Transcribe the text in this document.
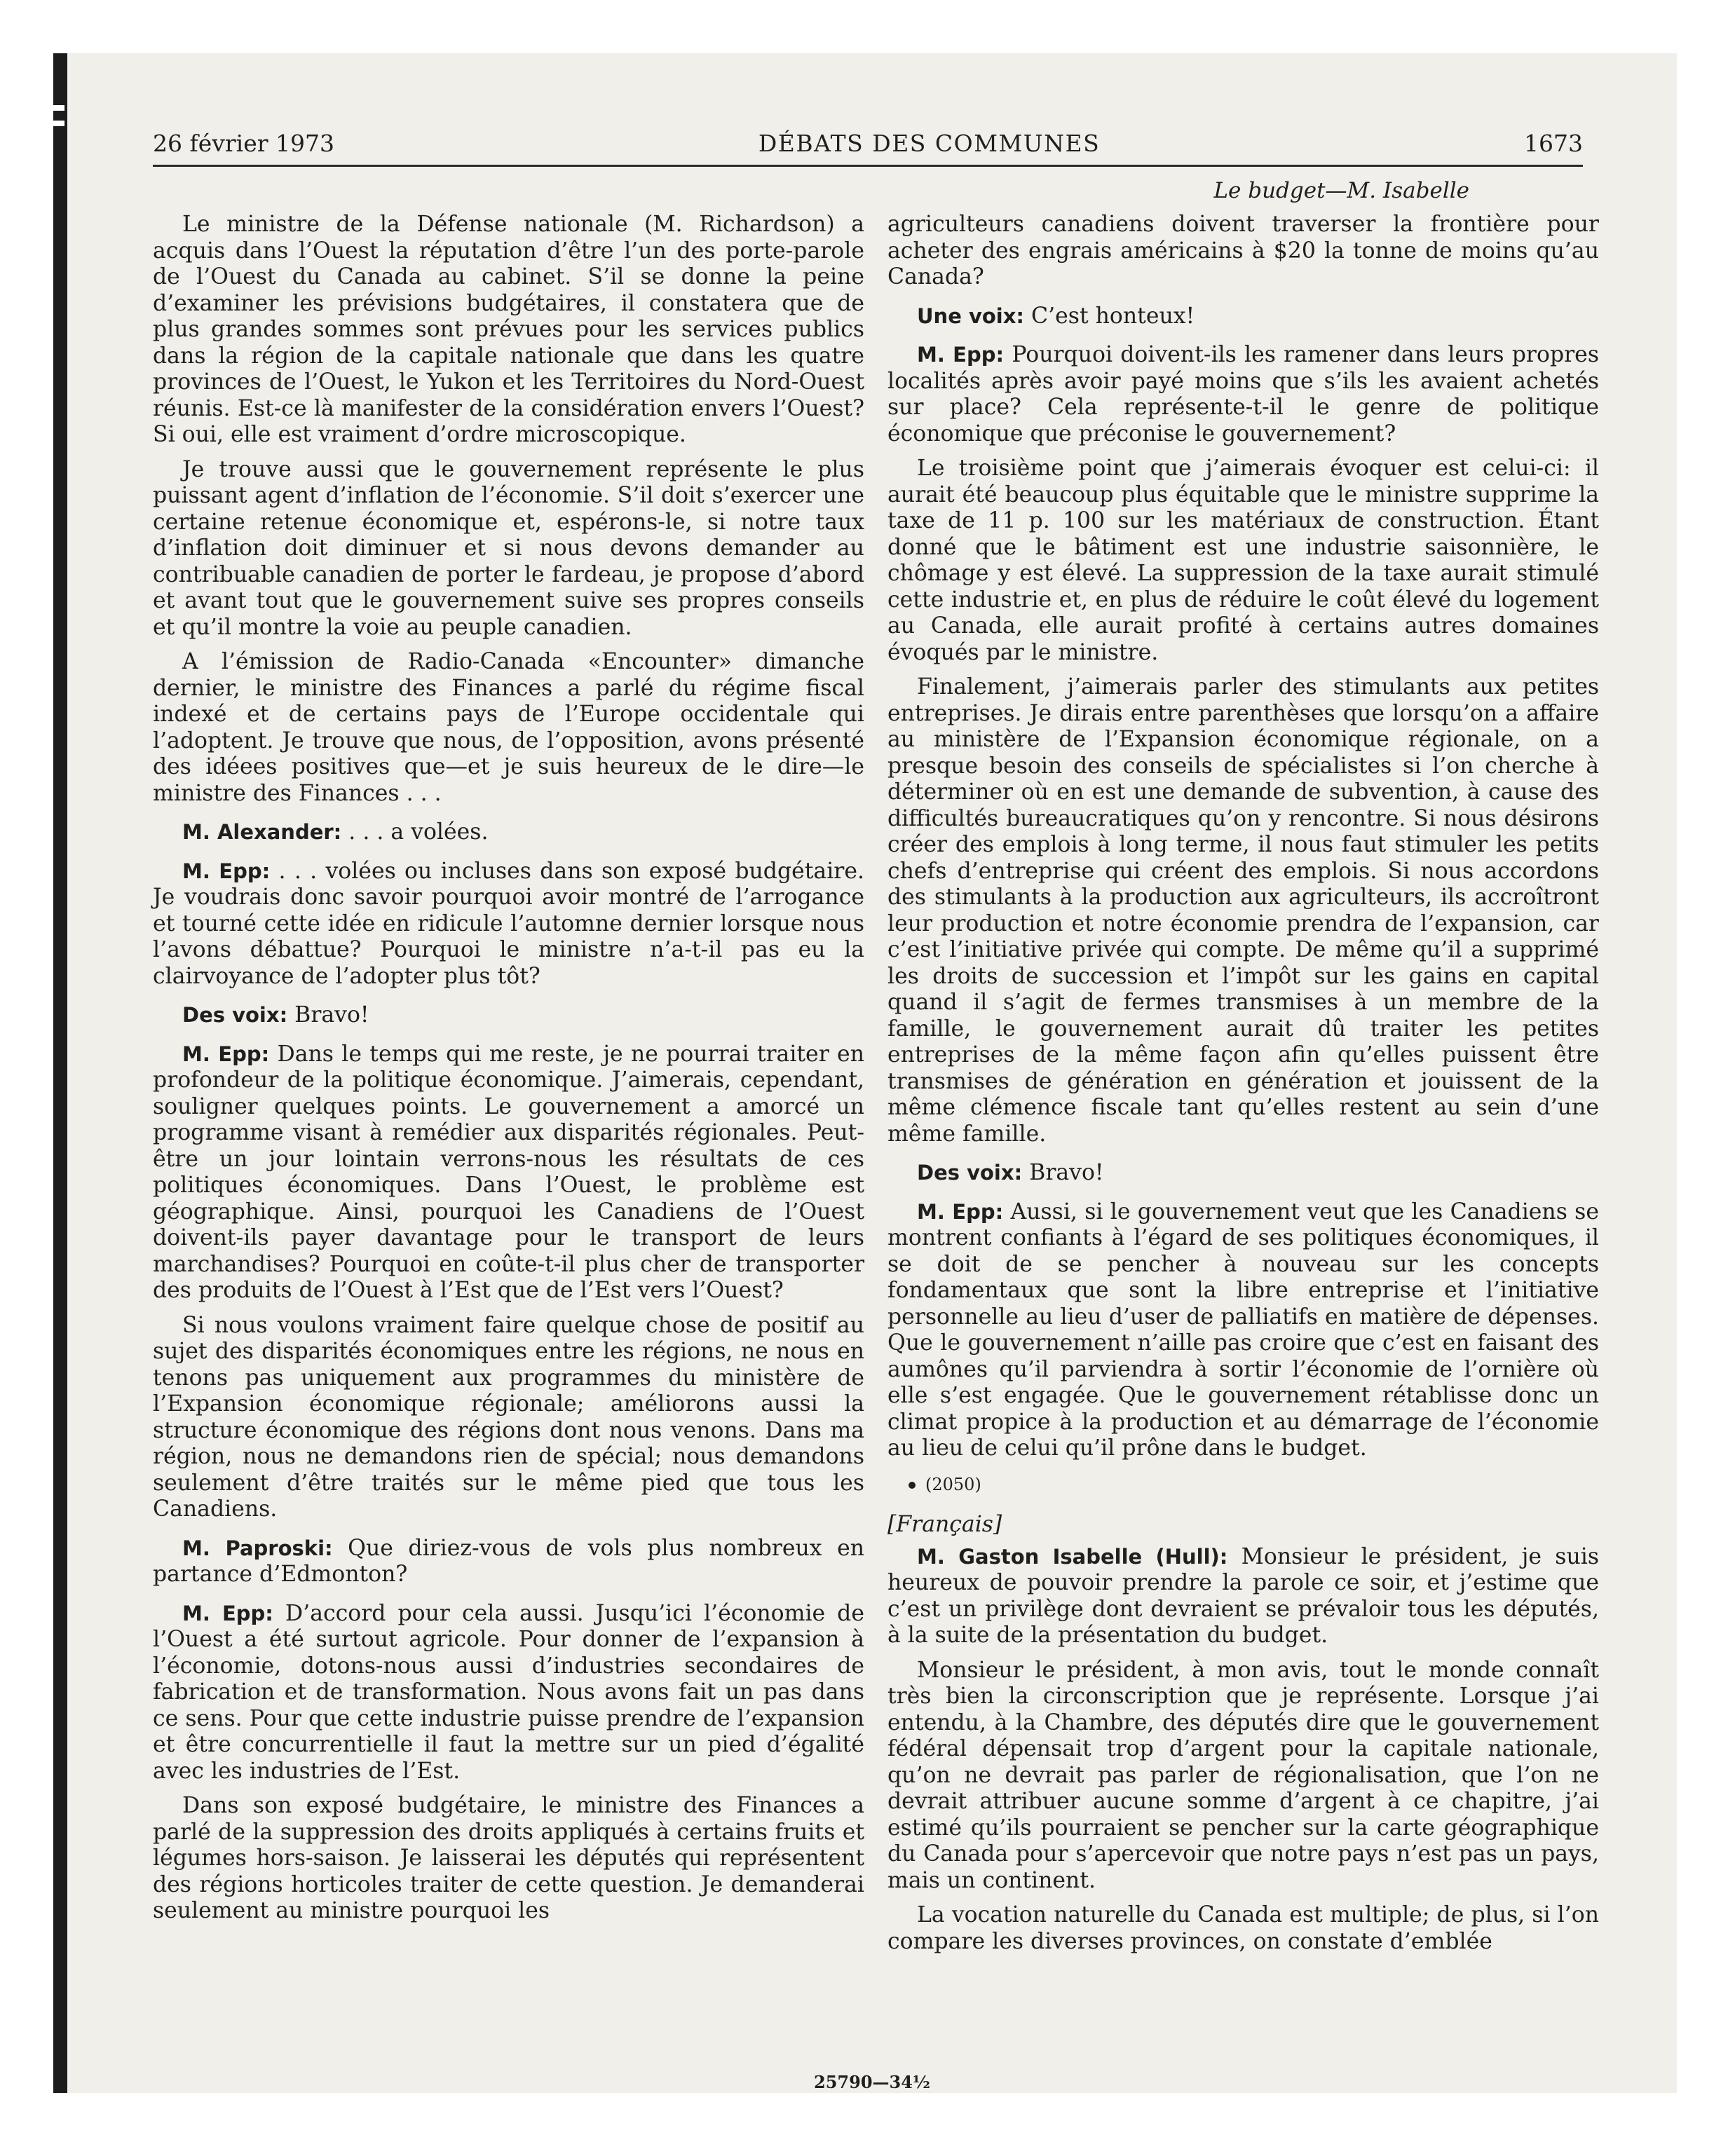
26 février 1973	DÉBATS DES COMMUNES	1673
Le budget—M. Isabelle

Le ministre de la Défense nationale (M. Richardson) a acquis dans l’Ouest la réputation d’être l’un des porte-parole de l’Ouest du Canada au cabinet. S’il se donne la peine d’examiner les prévisions budgétaires, il constatera que de plus grandes sommes sont prévues pour les services publics dans la région de la capitale nationale que dans les quatre provinces de l’Ouest, le Yukon et les Territoires du Nord-Ouest réunis. Est-ce là manifester de la considération envers l’Ouest? Si oui, elle est vraiment d’ordre microscopique.

Je trouve aussi que le gouvernement représente le plus puissant agent d’inflation de l’économie. S’il doit s’exercer une certaine retenue économique et, espérons-le, si notre taux d’inflation doit diminuer et si nous devons demander au contribuable canadien de porter le fardeau, je propose d’abord et avant tout que le gouvernement suive ses propres conseils et qu’il montre la voie au peuple canadien.

A l’émission de Radio-Canada «Encounter» dimanche dernier, le ministre des Finances a parlé du régime fiscal indexé et de certains pays de l’Europe occidentale qui l’adoptent. Je trouve que nous, de l’opposition, avons présenté des idéees positives que—et je suis heureux de le dire—le ministre des Finances . . .

M. Alexander: . . . a volées.

M. Epp: . . . volées ou incluses dans son exposé budgétaire. Je voudrais donc savoir pourquoi avoir montré de l’arrogance et tourné cette idée en ridicule l’automne dernier lorsque nous l’avons débattue? Pourquoi le ministre n’a-t-il pas eu la clairvoyance de l’adopter plus tôt?

Des voix: Bravo!

M. Epp: Dans le temps qui me reste, je ne pourrai traiter en profondeur de la politique économique. J’aimerais, cependant, souligner quelques points. Le gouvernement a amorcé un programme visant à remédier aux disparités régionales. Peut-être un jour lointain verrons-nous les résultats de ces politiques économiques. Dans l’Ouest, le problème est géographique. Ainsi, pourquoi les Canadiens de l’Ouest doivent-ils payer davantage pour le transport de leurs marchandises? Pourquoi en coûte-t-il plus cher de transporter des produits de l’Ouest à l’Est que de l’Est vers l’Ouest?

Si nous voulons vraiment faire quelque chose de positif au sujet des disparités économiques entre les régions, ne nous en tenons pas uniquement aux programmes du ministère de l’Expansion économique régionale; améliorons aussi la structure économique des régions dont nous venons. Dans ma région, nous ne demandons rien de spécial; nous demandons seulement d’être traités sur le même pied que tous les Canadiens.

M. Paproski: Que diriez-vous de vols plus nombreux en partance d’Edmonton?

M. Epp: D’accord pour cela aussi. Jusqu’ici l’économie de l’Ouest a été surtout agricole. Pour donner de l’expansion à l’économie, dotons-nous aussi d’industries secondaires de fabrication et de transformation. Nous avons fait un pas dans ce sens. Pour que cette industrie puisse prendre de l’expansion et être concurrentielle il faut la mettre sur un pied d’égalité avec les industries de l’Est.

Dans son exposé budgétaire, le ministre des Finances a parlé de la suppression des droits appliqués à certains fruits et légumes hors-saison. Je laisserai les députés qui représentent des régions horticoles traiter de cette question. Je demanderai seulement au ministre pourquoi les

agriculteurs canadiens doivent traverser la frontière pour acheter des engrais américains à $20 la tonne de moins qu’au Canada?

Une voix: C’est honteux!

M. Epp: Pourquoi doivent-ils les ramener dans leurs propres localités après avoir payé moins que s’ils les avaient achetés sur place? Cela représente-t-il le genre de politique économique que préconise le gouvernement?

Le troisième point que j’aimerais évoquer est celui-ci: il aurait été beaucoup plus équitable que le ministre supprime la taxe de 11 p. 100 sur les matériaux de construction. Étant donné que le bâtiment est une industrie saisonnière, le chômage y est élevé. La suppression de la taxe aurait stimulé cette industrie et, en plus de réduire le coût élevé du logement au Canada, elle aurait profité à certains autres domaines évoqués par le ministre.

Finalement, j’aimerais parler des stimulants aux petites entreprises. Je dirais entre parenthèses que lorsqu’on a affaire au ministère de l’Expansion économique régionale, on a presque besoin des conseils de spécialistes si l’on cherche à déterminer où en est une demande de subvention, à cause des difficultés bureaucratiques qu’on y rencontre. Si nous désirons créer des emplois à long terme, il nous faut stimuler les petits chefs d’entreprise qui créent des emplois. Si nous accordons des stimulants à la production aux agriculteurs, ils accroîtront leur production et notre économie prendra de l’expansion, car c’est l’initiative privée qui compte. De même qu’il a supprimé les droits de succession et l’impôt sur les gains en capital quand il s’agit de fermes transmises à un membre de la famille, le gouvernement aurait dû traiter les petites entreprises de la même façon afin qu’elles puissent être transmises de génération en génération et jouissent de la même clémence fiscale tant qu’elles restent au sein d’une même famille.

Des voix: Bravo!

M. Epp: Aussi, si le gouvernement veut que les Canadiens se montrent confiants à l’égard de ses politiques économiques, il se doit de se pencher à nouveau sur les concepts fondamentaux que sont la libre entreprise et l’initiative personnelle au lieu d’user de palliatifs en matière de dépenses. Que le gouvernement n’aille pas croire que c’est en faisant des aumônes qu’il parviendra à sortir l’économie de l’ornière où elle s’est engagée. Que le gouvernement rétablisse donc un climat propice à la production et au démarrage de l’économie au lieu de celui qu’il prône dans le budget.

(2050)
[Français]

M. Gaston Isabelle (Hull): Monsieur le président, je suis heureux de pouvoir prendre la parole ce soir, et j’estime que c’est un privilège dont devraient se prévaloir tous les députés, à la suite de la présentation du budget.

Monsieur le président, à mon avis, tout le monde connaît très bien la circonscription que je représente. Lorsque j’ai entendu, à la Chambre, des députés dire que le gouvernement fédéral dépensait trop d’argent pour la capitale nationale, qu’on ne devrait pas parler de régionalisation, que l’on ne devrait attribuer aucune somme d’argent à ce chapitre, j’ai estimé qu’ils pourraient se pencher sur la carte géographique du Canada pour s’apercevoir que notre pays n’est pas un pays, mais un continent.

La vocation naturelle du Canada est multiple; de plus, si l’on compare les diverses provinces, on constate d’emblée

25790—34½
